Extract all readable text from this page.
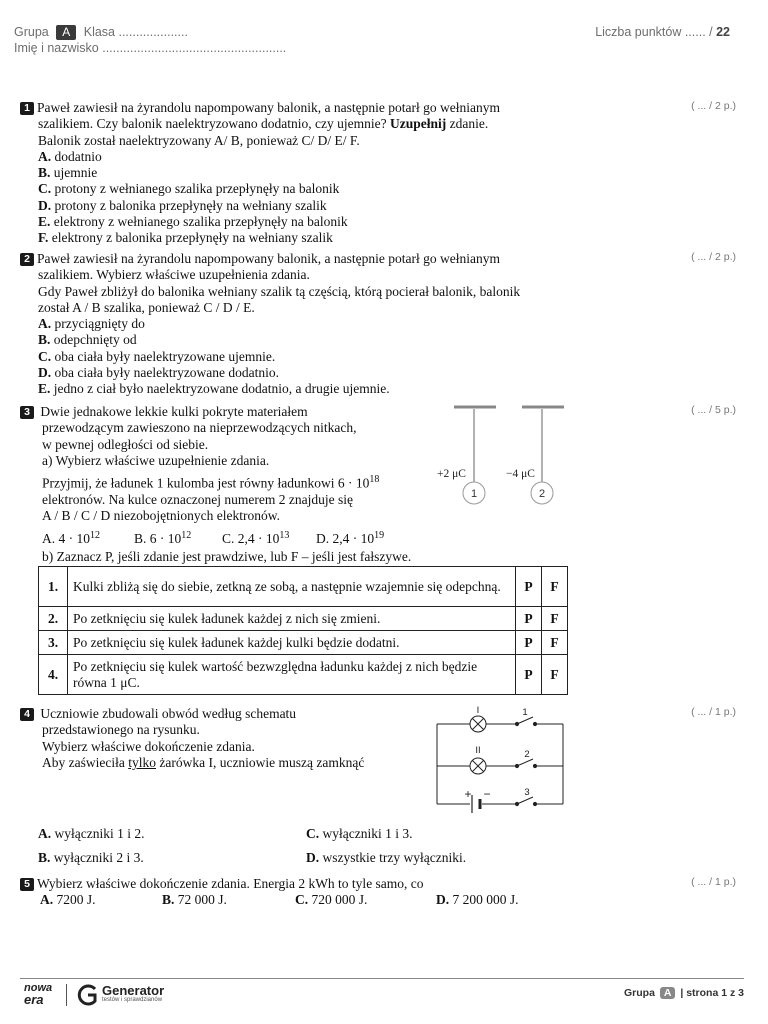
Grupa A Klasa ....................
Imię i nazwisko .....................................................
Liczba punktów ...... / 22
1 Paweł zawiesił na żyrandolu napompowany balonik, a następnie potarł go wełnianym
szalikiem. Czy balonik naelektryzowano dodatnio, czy ujemnie? Uzupełnij zdanie.
Balonik został naelektryzowany A/ B, ponieważ C/ D/ E/ F.
A. dodatnio
B. ujemnie
C. protony z wełnianego szalika przepłynęły na balonik
D. protony z balonika przepłynęły na wełniany szalik
E. elektrony z wełnianego szalika przepłynęły na balonik
F. elektrony z balonika przepłynęły na wełniany szalik
( ... / 2 p.)
2 Paweł zawiesił na żyrandolu napompowany balonik, a następnie potarł go wełnianym
szalikiem. Wybierz właściwe uzupełnienia zdania.
Gdy Paweł zbliżył do balonika wełniany szalik tą częścią, którą pocierał balonik, balonik
został A / B szalika, ponieważ C / D / E.
A. przyciągnięty do
B. odepchnięty od
C. oba ciała były naelektryzowane ujemnie.
D. oba ciała były naelektryzowane dodatnio.
E. jedno z ciał było naelektryzowane dodatnio, a drugie ujemnie.
( ... / 2 p.)
3 Dwie jednakowe lekkie kulki pokryte materiałem
przewodzącym zawieszono na nieprzewodzących nitkach,
w pewnej odległości od siebie.
a) Wybierz właściwe uzupełnienie zdania.
Przyjmij, że ładunek 1 kulomba jest równy ładunkowi $6 \cdot 10^{18}$
elektronów. Na kulce oznaczonej numerem 2 znajduje się
A / B / C / D niezobojętnionych elektronów.
A. $4 \cdot 10^{12}$	B. $6 \cdot 10^{12}$ C. $2,4 \cdot 10^{13}$ D. $2,4 \cdot 10^{19}$
( ... / 5 p.)
1	2
+2 μC	−4 μC
b) Zaznacz P, jeśli zdanie jest prawdziwe, lub F – jeśli jest fałszywe.
1.	Kulki zbliżą się do siebie, zetkną ze sobą, a następnie wzajemnie się odepchną.	P	F
2.	Po zetknięciu się kulek ładunek każdej z nich się zmieni.	P	F
3.	Po zetknięciu się kulek ładunek każdej kulki będzie dodatni.	P	F
4.	Po zetknięciu się kulek wartość bezwzględna ładunku każdej z nich będzie równa 1 μC.	P	F
4 Uczniowie zbudowali obwód według schematu
przedstawionego na rysunku.
Wybierz właściwe dokończenie zdania.
Aby zaświeciła tylko żarówka I, uczniowie muszą zamknąć
( ... / 1 p.)
I
II
1
2
3
+ −
A. wyłączniki 1 i 2.
B. wyłączniki 2 i 3.
C. wyłączniki 1 i 3.
D. wszystkie trzy wyłączniki.
5 Wybierz właściwe dokończenie zdania. Energia 2 kWh to tyle samo, co	( ... / 1 p.)
A. 7200 J.	B. 72 000 J.	C. 720 000 J.	D. 7 200 000 J.
nowa
era
Generator
testów i sprawdzianów
Grupa A | strona 1 z 3
